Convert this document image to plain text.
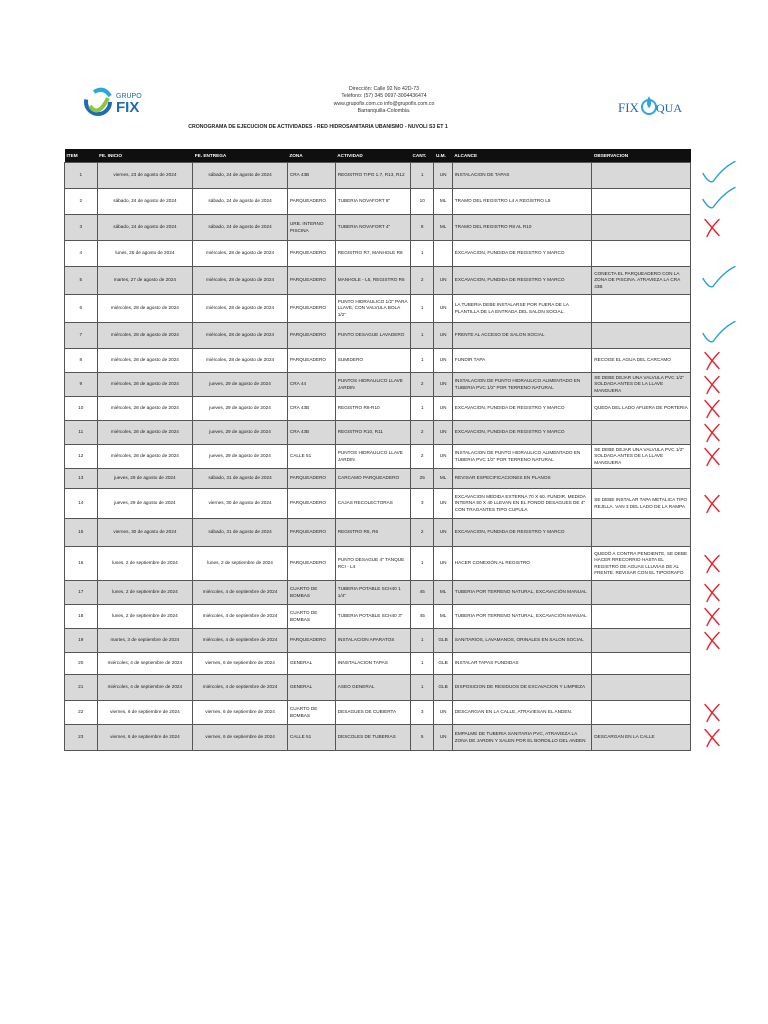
GRUPO
FIX	FIX QUA
Dirección: Calle 92 No 42D-73
Teléfono: (57) 345 0697-3004436474
www.grupofix.com.co info@grupofix.com.co
Barranquilla-Colombia.
CRONOGRAMA DE EJECUCION DE ACTIVIDADES - RED HIDROSANITARIA UBANISMO - NUVOLI S3 ET 1
ITEM	FE. INICIO	FE. ENTREGA	ZONA	ACTIVIDAD	CANT.	U.M.	ALCANCE	OBSERVACION
1	viernes, 23 de agosto de 2024	sábado, 24 de agosto de 2024	CRA 43B	REGISTRO TIPO 1.7, R13, R12	1	UN	INSTALACION DE TAPAS	
2	sábado, 24 de agosto de 2024	sábado, 24 de agosto de 2024	PARQUEADERO	TUBERIA NOVAFORT 8"	10	ML	TRAMO DEL REGISTRO L4 A REGISTRO L5	
3	sábado, 24 de agosto de 2024	sábado, 24 de agosto de 2024	URB. INTERNO PISCINA	TUBERIA NOVAFORT 4"	8	ML	TRAMO DEL REGISTRO R8 AL R10	
4	lunes, 26 de agosto de 2024	miércoles, 28 de agosto de 2024	PARQUEADERO	REGISTRO R7, MANHOLE R8	1		EXCAVACION, FUNDIDA DE REGISTRO Y MARCO	
5	martes, 27 de agosto de 2024	miércoles, 28 de agosto de 2024	PARQUEADERO	MANHOLE - L5, REGISTRO R6	2	UN	EXCAVACION, FUNDIDA DE REGISTRO Y MARCO	CONECTA EL PARQUEADERO CON LA ZONA DE PISCINA. ATRAVIEZA LA CRA 43B
6	miércoles, 28 de agosto de 2024	miércoles, 28 de agosto de 2024	PARQUEADERO	PUNTO HIDRAULICO 1/2" PARA LLAVE, CON VALVULA BOLA 1/2"	1	UN	LA TUBERIA DEBE INSTALARSE POR FUERA DE LA PLANTILLA DE LA ENTRADA DEL SALON SOCIAL.	
7	miércoles, 28 de agosto de 2024	miércoles, 28 de agosto de 2024	PARQUEADERO	PUNTO DESAGUE LAVADERO	1	UN	FRENTE AL ACCESO DE SALON SOCIAL	
8	miércoles, 28 de agosto de 2024	miércoles, 28 de agosto de 2024	PARQUEADERO	SUMIDERO	1	UN	FUNDIR TAPA	RECOGE EL AGUA DEL CARCAMO
9	miércoles, 28 de agosto de 2024	jueves, 29 de agosto de 2024	CRA 44	PUNTOS HIDRAULICO LLAVE JARDIN	2	UN	INSTALACION DE PUNTO HIDRAULICO ALIMENTADO EN TUBERIA PVC 1/2" POR TERRENO NATURAL	SE DEBE DEJAR UNA VALVULA PVC 1/2" SOLDADA ANTES DE LA LLAVE MANGUERA
10	miércoles, 28 de agosto de 2024	jueves, 29 de agosto de 2024	CRA 43B	REGISTRO R8-R10	1	UN	EXCAVACION, FUNDIDA DE REGISTRO Y MARCO	QUEDA DEL LADO AFUERA DE PORTERIA
11	miércoles, 28 de agosto de 2024	jueves, 29 de agosto de 2024	CRA 43B	REGISTRO R10, R11	2	UN	EXCAVACION, FUNDIDA DE REGISTRO Y MARCO	
12	miércoles, 28 de agosto de 2024	jueves, 29 de agosto de 2024	CALLE 51	PUNTOS HIDRAULICO LLAVE JARDIN	2	UN	INSTALACION DE PUNTO HIDRAULICO ALIMENTADO EN TUBERIA PVC 1/2" POR TERRENO NATURAL	SE DEBE DEJAR UNA VALVULA PVC 1/2" SOLDADA ANTES DE LA LLAVE MANGUERA
13	jueves, 29 de agosto de 2024	sábado, 31 de agosto de 2024	PARQUEADERO	CARCAMO PARQUEADERO	25	ML	REVISAR ESPECIFICACIONES EN PLANOS	
14	jueves, 29 de agosto de 2024	viernes, 30 de agosto de 2024	PARQUEADERO	CAJAS RECOLECTORAS	3	UN	EXCAVACION MEDIDA EXTERNA 70 X 60. FUNDIR. MEDIDA INTERNA 50 X 40 LLEVAN EN EL FONDO DESAGUES DE 4" CON TRAGANTES TIPO CUPULA	SE DEBE INSTALAR TAPA METALICA TIPO REJILLA. VAN 3 DEL LADO DE LA RAMPA
15	viernes, 30 de agosto de 2024	sábado, 31 de agosto de 2024	PARQUEADERO	REGISTRO R5, R6	2	UN	EXCAVACION, FUNDIDA DE REGISTRO Y MARCO	
16	lunes, 2 de septiembre de 2024	lunes, 2 de septiembre de 2024	PARQUEADERO	PUNTO DESAGUE 4" TANQUE RCI - L4	1	UN	HACER CONEXIÓN AL REGISTRO	QUEDÓ A CONTRA PENDIENTE, SE DEBE HACER RRECORRIO HASTA EL REGISTRO DE AGUAS LLUVIAS DE AL FRENTE. REVISAR CON EL TIPOGRAFO
17	lunes, 2 de septiembre de 2024	miércoles, 4 de septiembre de 2024	CUARTO DE BOMBAS	TUBERIA POTABLE SCH40 1 1/4"	45	ML	TUBERIA POR TERRENO NATURAL, EXCAVACIÓN MANUAL	
18	lunes, 2 de septiembre de 2024	miércoles, 4 de septiembre de 2024	CUARTO DE BOMBAS	TUBERIA POTABLE SCH40 3"	45	ML	TUBERIA POR TERRENO NATURAL, EXCAVACIÓN MANUAL	
19	martes, 3 de septiembre de 2024	miércoles, 4 de septiembre de 2024	PARQUEADERO	INSTALACION APARATOS	1	GLB	SANITARIOS, LAVAMANOS, ORINALES EN SALON SOCIAL	
20	miércoles, 4 de septiembre de 2024	viernes, 6 de septiembre de 2024	GENERAL	INNSTALACION TAPAS	1	GLB	INSTALAR TAPAS FUNDIDAS	
21	miércoles, 4 de septiembre de 2024	miércoles, 4 de septiembre de 2024	GENERAL	ASEO GENERAL	1	GLB	DISPOSICION DE RESIDUOS DE EXCAVACION Y LIMPIEZA	
22	viernes, 6 de septiembre de 2024	viernes, 6 de septiembre de 2024	CUARTO DE BOMBAS	DESAGUES DE CUBIERTA	3	UN	DESCARGAN EN LA CALLE, ATRAVIESAN EL ANDEN.	
23	viernes, 6 de septiembre de 2024	viernes, 6 de septiembre de 2024	CALLE 51	DESCOLES DE TUBERIAS	5	UN	EMPALME DE TUBERIA SANITARIA PVC, ATRAVIEZA LA ZONA DE JARDIN Y SALEN POR EL BORDILLO DEL ANDEN	DESCARGAN EN LA CALLE
